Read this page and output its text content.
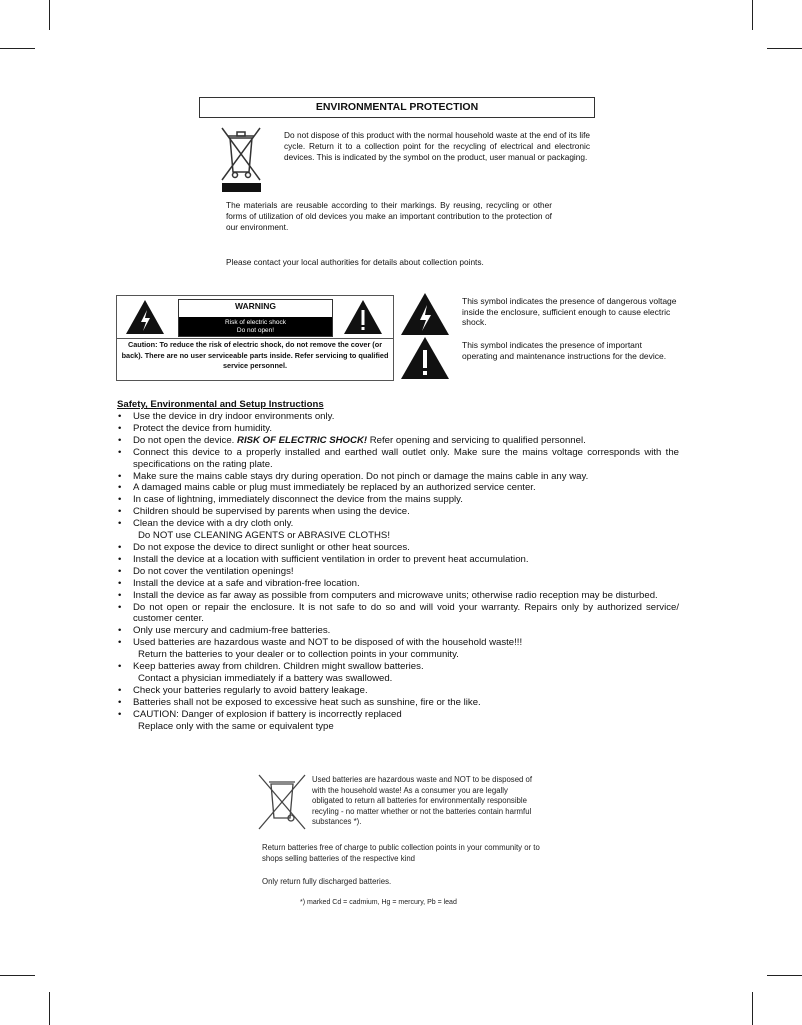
ENVIRONMENTAL PROTECTION
Do not dispose of this product with the normal household waste at the end of its life cycle. Return it to a collection point for the recycling of electrical and electronic devices. This is indicated by the symbol on the product, user manual or packaging.
The materials are reusable according to their markings. By reusing, recycling or other forms of utilization of old devices you make an important contribution to the protection of our environment.
Please contact your local authorities for details about collection points.
WARNING
Risk of electric shock
Do not open!
Caution: To reduce the risk of electric shock, do not remove the cover (or back). There are no user serviceable parts inside. Refer servicing to qualified service personnel.
This symbol indicates the presence of dangerous voltage inside the enclosure, sufficient enough to cause electric shock.
This symbol indicates the presence of important operating and maintenance instructions for the device.
Safety, Environmental and Setup Instructions
• Use the device in dry indoor environments only.
• Protect the device from humidity.
• Do not open the device. RISK OF ELECTRIC SHOCK! Refer opening and servicing to qualified personnel.
• Connect this device to a properly installed and earthed wall outlet only. Make sure the mains voltage corresponds with the specifications on the rating plate.
• Make sure the mains cable stays dry during operation. Do not pinch or damage the mains cable in any way.
• A damaged mains cable or plug must immediately be replaced by an authorized service center.
• In case of lightning, immediately disconnect the device from the mains supply.
• Children should be supervised by parents when using the device.
• Clean the device with a dry cloth only.
Do NOT use CLEANING AGENTS or ABRASIVE CLOTHS!
• Do not expose the device to direct sunlight or other heat sources.
• Install the device at a location with sufficient ventilation in order to prevent heat accumulation.
• Do not cover the ventilation openings!
• Install the device at a safe and vibration-free location.
• Install the device as far away as possible from computers and microwave units; otherwise radio reception may be disturbed.
• Do not open or repair the enclosure. It is not safe to do so and will void your warranty. Repairs only by authorized service/ customer center.
• Only use mercury and cadmium-free batteries.
• Used batteries are hazardous waste and NOT to be disposed of with the household waste!!!
Return the batteries to your dealer or to collection points in your community.
• Keep batteries away from children. Children might swallow batteries.
Contact a physician immediately if a battery was swallowed.
• Check your batteries regularly to avoid battery leakage.
• Batteries shall not be exposed to excessive heat such as sunshine, fire or the like.
• CAUTION: Danger of explosion if battery is incorrectly replaced
Replace only with the same or equivalent type
Used batteries are hazardous waste and NOT to be disposed of with the household waste! As a consumer you are legally obligated to return all batteries for environmentally responsible recyling - no matter whether or not the batteries contain harmful substances *).
Return batteries free of charge to public collection points in your community or to shops selling batteries of the respective kind
Only return fully discharged batteries.
*) marked Cd = cadmium, Hg = mercury, Pb = lead
